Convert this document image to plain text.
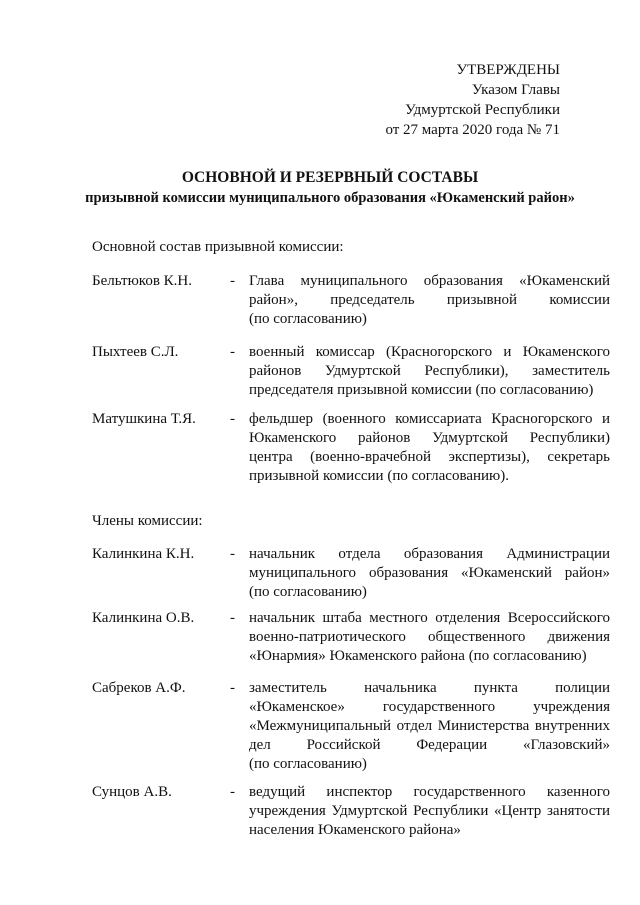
УТВЕРЖДЕНЫ
Указом Главы
Удмуртской Республики
от 27 марта 2020 года № 71
ОСНОВНОЙ И РЕЗЕРВНЫЙ СОСТАВЫ
призывной комиссии муниципального образования «Юкаменский район»
Основной состав призывной комиссии:
Бельтюков К.Н.	- Глава муниципального образования «Юкаменский
район», председатель призывной комиссии
(по согласованию)
Пыхтеев С.Л.	- военный комиссар (Красногорского и Юкаменского
районов Удмуртской Республики), заместитель
председателя призывной комиссии (по согласованию)
Матушкина Т.Я. - фельдшер (военного комиссариата Красногорского и
Юкаменского районов Удмуртской Республики)
центра (военно-врачебной экспертизы), секретарь
призывной комиссии (по согласованию).
Члены комиссии:
Калинкина К.Н. - начальник отдела образования Администрации
муниципального образования «Юкаменский район»
(по согласованию)
Калинкина О.В. - начальник штаба местного отделения Всероссийского
военно-патриотического общественного движения
«Юнармия» Юкаменского района (по согласованию)
Сабреков А.Ф.	- заместитель начальника пункта полиции
«Юкаменское» государственного учреждения
«Межмуниципальный отдел Министерства внутренних
дел Российской Федерации «Глазовский»
(по согласованию)
Сунцов А.В.	- ведущий инспектор государственного казенного
учреждения Удмуртской Республики «Центр занятости
населения Юкаменского района»
